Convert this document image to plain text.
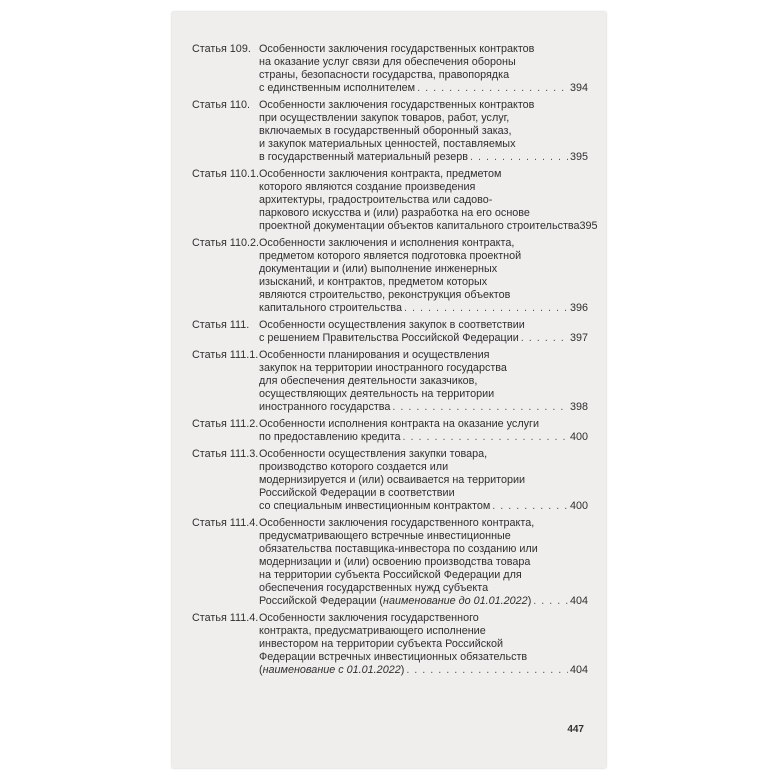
Статья 109. Особенности заключения государственных контрактов
на оказание услуг связи для обеспечения обороны
страны, безопасности государства, правопорядка
с единственным исполнителем . . .	394
Статья 110. Особенности заключения государственных контрактов
при осуществлении закупок товаров, работ, услуг,
включаемых в государственный оборонный заказ,
и закупок материальных ценностей, поставляемых
в государственный материальный резерв . . .	395
Статья 110.1. Особенности заключения контракта, предметом
которого являются создание произведения
архитектуры, градостроительства или садово-
паркового искусства и (или) разработка на его основе
проектной документации объектов капитального строительства 395
Статья 110.2. Особенности заключения и исполнения контракта,
предметом которого является подготовка проектной
документации и (или) выполнение инженерных
изысканий, и контрактов, предметом которых
являются строительство, реконструкция объектов
капитального строительства . . .	396
Статья 111. Особенности осуществления закупок в соответствии
с решением Правительства Российской Федерации . . .	397
Статья 111.1. Особенности планирования и осуществления
закупок на территории иностранного государства
для обеспечения деятельности заказчиков,
осуществляющих деятельность на территории
иностранного государства . . .	398
Статья 111.2. Особенности исполнения контракта на оказание услуги
по предоставлению кредита . . .	400
Статья 111.3. Особенности осуществления закупки товара,
производство которого создается или
модернизируется и (или) осваивается на территории
Российской Федерации в соответствии
со специальным инвестиционным контрактом . . .	400
Статья 111.4. Особенности заключения государственного контракта,
предусматривающего встречные инвестиционные
обязательства поставщика-инвестора по созданию или
модернизации и (или) освоению производства товара
на территории субъекта Российской Федерации для
обеспечения государственных нужд субъекта
Российской Федерации (наименование до 01.01.2022) . . .	404
Статья 111.4. Особенности заключения государственного
контракта, предусматривающего исполнение
инвестором на территории субъекта Российской
Федерации встречных инвестиционных обязательств
(наименование с 01.01.2022) . . .	404
447
